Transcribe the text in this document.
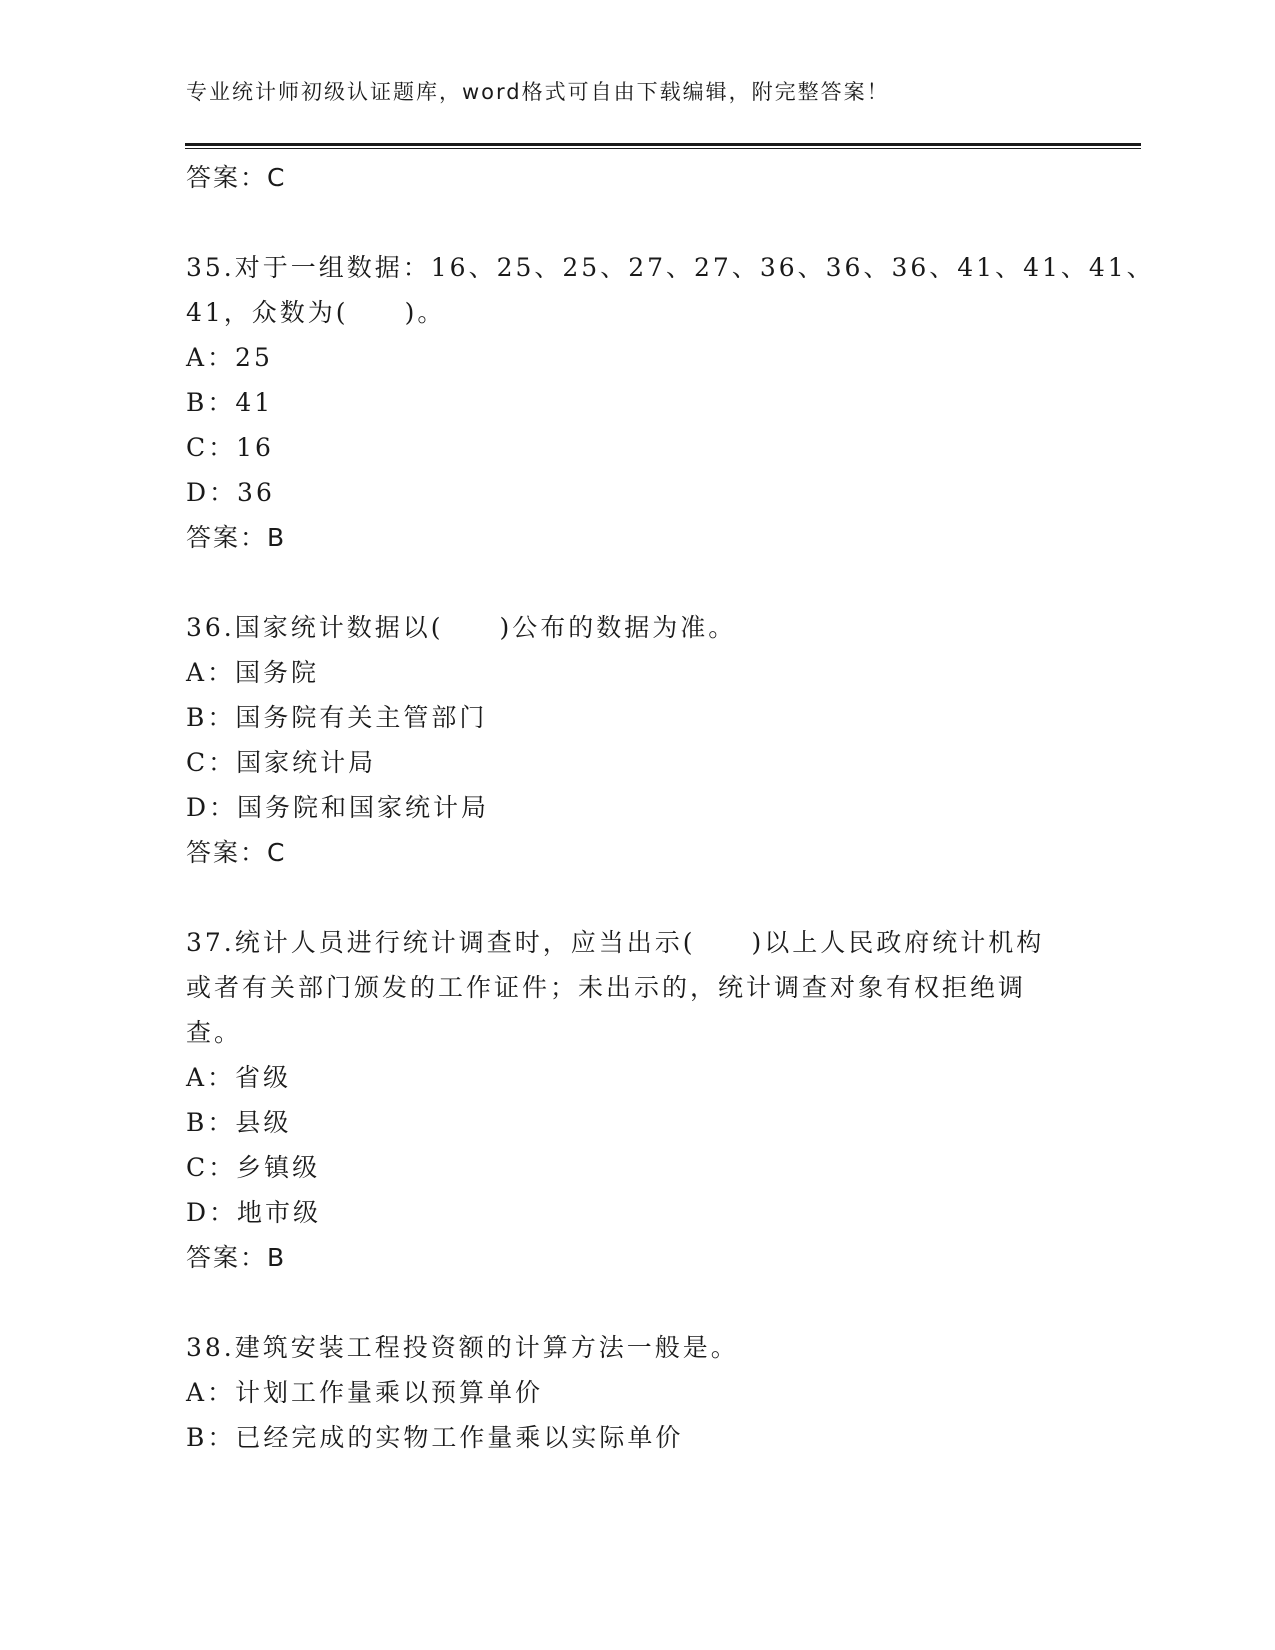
专业统计师初级认证题库，word格式可自由下载编辑，附完整答案！
答案：C
35.对于一组数据：16、25、25、27、27、36、36、36、41、41、41、
41，众数为(　　)。
A：25
B：41
C：16
D：36
答案：B
36.国家统计数据以(　　)公布的数据为准。
A：国务院
B：国务院有关主管部门
C：国家统计局
D：国务院和国家统计局
答案：C
37.统计人员进行统计调查时，应当出示(　　)以上人民政府统计机构
或者有关部门颁发的工作证件；未出示的，统计调查对象有权拒绝调
查。
A：省级
B：县级
C：乡镇级
D：地市级
答案：B
38.建筑安装工程投资额的计算方法一般是。
A：计划工作量乘以预算单价
B：已经完成的实物工作量乘以实际单价
